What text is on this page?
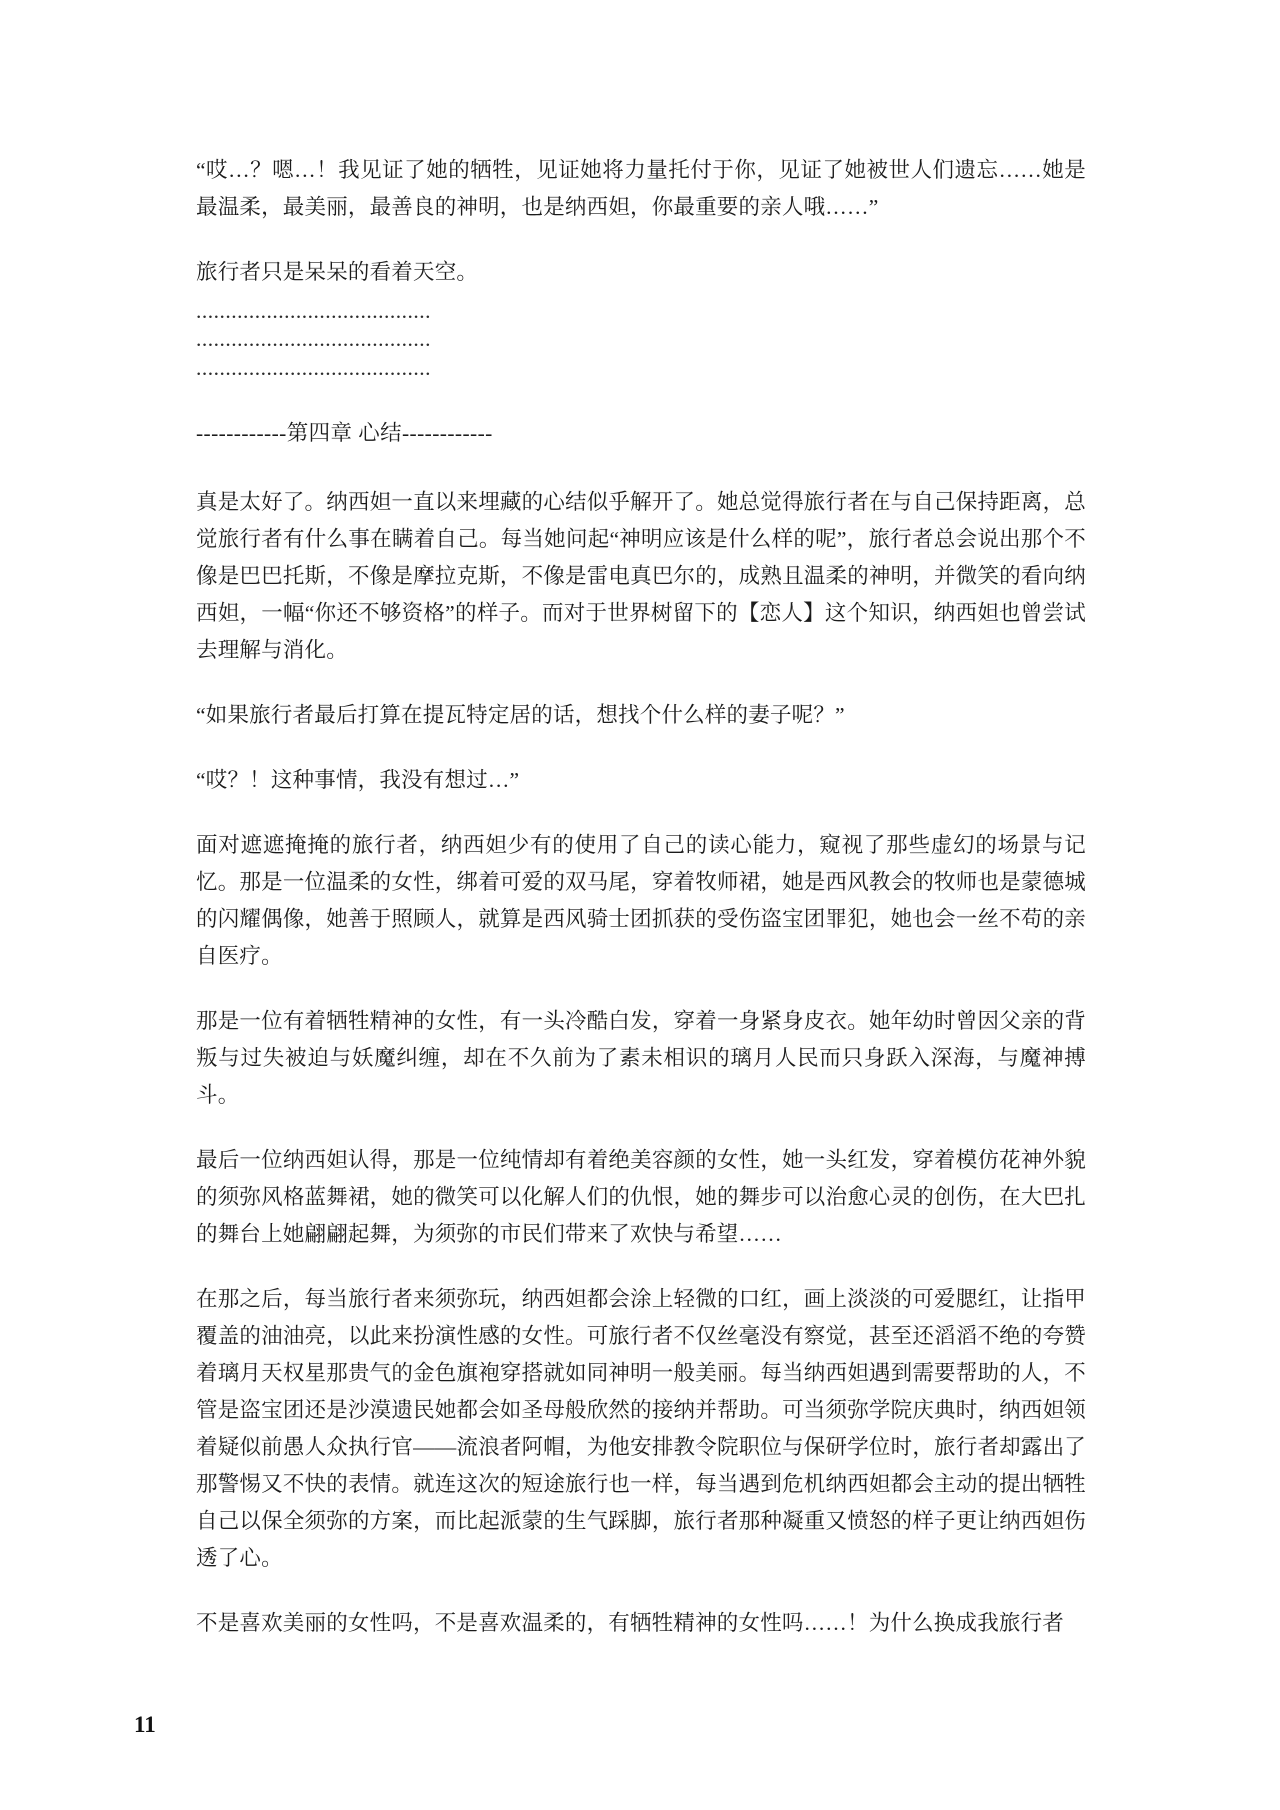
“哎…？嗯…！我见证了她的牺牲，见证她将力量托付于你，见证了她被世人们遗忘……她是最温柔，最美丽，最善良的神明，也是纳西妲，你最重要的亲人哦……”

旅行者只是呆呆的看着天空。

........................................

........................................

........................................

------------第四章 心结------------

真是太好了。纳西妲一直以来埋藏的心结似乎解开了。她总觉得旅行者在与自己保持距离，总觉旅行者有什么事在瞒着自己。每当她问起“神明应该是什么样的呢”，旅行者总会说出那个不像是巴巴托斯，不像是摩拉克斯，不像是雷电真巴尔的，成熟且温柔的神明，并微笑的看向纳西妲，一幅“你还不够资格”的样子。而对于世界树留下的【恋人】这个知识，纳西妲也曾尝试去理解与消化。

“如果旅行者最后打算在提瓦特定居的话，想找个什么样的妻子呢？”

“哎？！这种事情，我没有想过…”

面对遮遮掩掩的旅行者，纳西妲少有的使用了自己的读心能力，窥视了那些虚幻的场景与记忆。那是一位温柔的女性，绑着可爱的双马尾，穿着牧师裙，她是西风教会的牧师也是蒙德城的闪耀偶像，她善于照顾人，就算是西风骑士团抓获的受伤盗宝团罪犯，她也会一丝不苟的亲自医疗。

那是一位有着牺牲精神的女性，有一头冷酷白发，穿着一身紧身皮衣。她年幼时曾因父亲的背叛与过失被迫与妖魔纠缠，却在不久前为了素未相识的璃月人民而只身跃入深海，与魔神搏斗。

最后一位纳西妲认得，那是一位纯情却有着绝美容颜的女性，她一头红发，穿着模仿花神外貌的须弥风格蓝舞裙，她的微笑可以化解人们的仇恨，她的舞步可以治愈心灵的创伤，在大巴扎的舞台上她翩翩起舞，为须弥的市民们带来了欢快与希望……

在那之后，每当旅行者来须弥玩，纳西妲都会涂上轻微的口红，画上淡淡的可爱腮红，让指甲覆盖的油油亮，以此来扮演性感的女性。可旅行者不仅丝毫没有察觉，甚至还滔滔不绝的夸赞着璃月天权星那贵气的金色旗袍穿搭就如同神明一般美丽。每当纳西妲遇到需要帮助的人，不管是盗宝团还是沙漠遗民她都会如圣母般欣然的接纳并帮助。可当须弥学院庆典时，纳西妲领着疑似前愚人众执行官——流浪者阿帽，为他安排教令院职位与保研学位时，旅行者却露出了那警惕又不快的表情。就连这次的短途旅行也一样，每当遇到危机纳西妲都会主动的提出牺牲自己以保全须弥的方案，而比起派蒙的生气踩脚，旅行者那种凝重又愤怒的样子更让纳西妲伤透了心。

不是喜欢美丽的女性吗，不是喜欢温柔的，有牺牲精神的女性吗……！为什么换成我旅行者

11
